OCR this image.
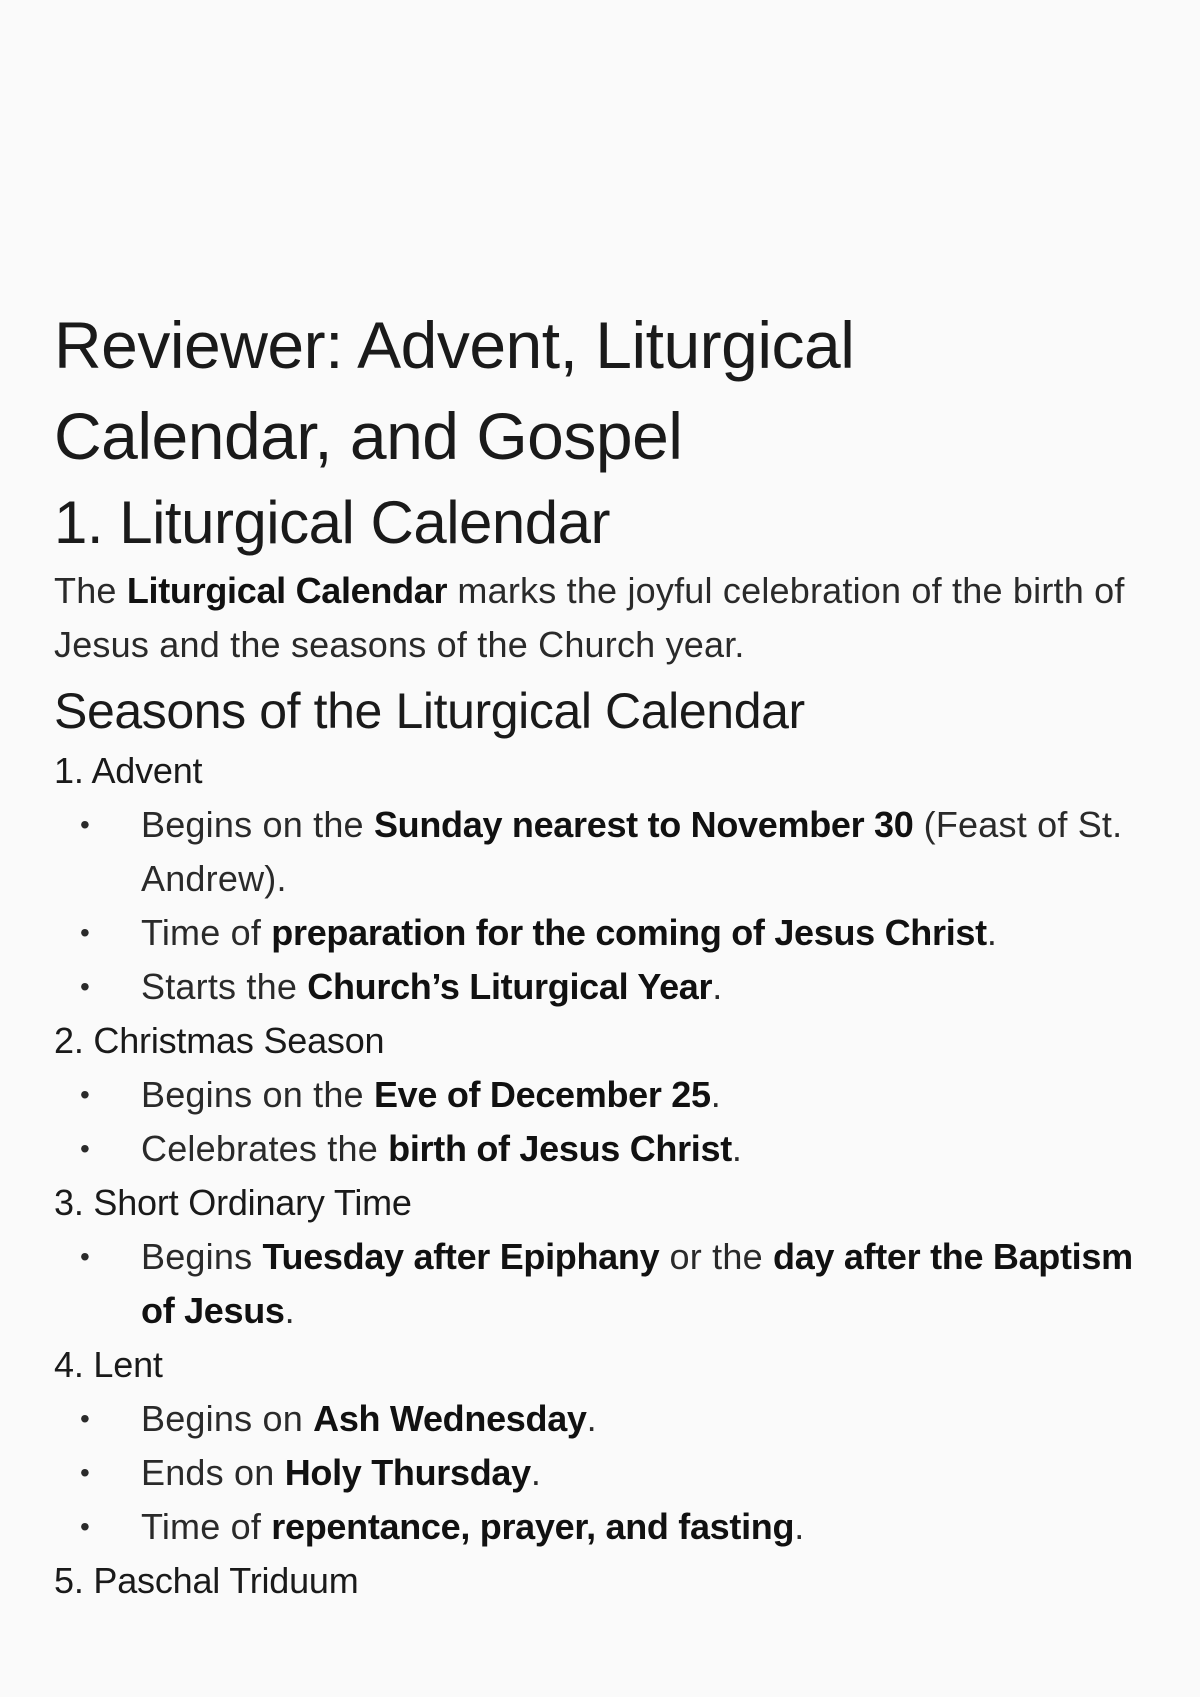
Reviewer: Advent, Liturgical
Calendar, and Gospel
1. Liturgical Calendar

The Liturgical Calendar marks the joyful celebration of the birth of Jesus and the seasons of the Church year.

Seasons of the Liturgical Calendar
1. Advent
• Begins on the Sunday nearest to November 30 (Feast of St. Andrew).
• Time of preparation for the coming of Jesus Christ.
• Starts the Church’s Liturgical Year.
2. Christmas Season
• Begins on the Eve of December 25.
• Celebrates the birth of Jesus Christ.
3. Short Ordinary Time
• Begins Tuesday after Epiphany or the day after the Baptism of Jesus.
4. Lent
• Begins on Ash Wednesday.
• Ends on Holy Thursday.
• Time of repentance, prayer, and fasting.
5. Paschal Triduum
